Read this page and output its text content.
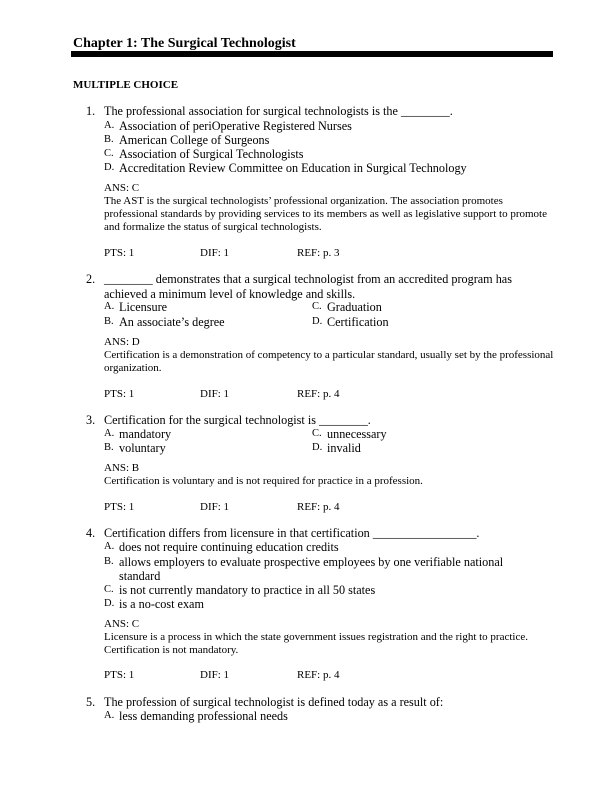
Chapter 1: The Surgical Technologist
MULTIPLE CHOICE
1. The professional association for surgical technologists is the ________.

A. Association of periOperative Registered Nurses
B. American College of Surgeons
C. Association of Surgical Technologists
D. Accreditation Review Committee on Education in Surgical Technology
ANS: C

The AST is the surgical technologists’ professional organization. The association promotes professional standards by providing services to its members as well as legislative support to promote and formalize the status of surgical technologists.

PTS: 1	DIF: 1	REF: p. 3
2. ________ demonstrates that a surgical technologist from an accredited program has achieved a minimum level of knowledge and skills.

A. Licensure	C. Graduation
B. An associate’s degree	D. Certification
ANS: D

Certification is a demonstration of competency to a particular standard, usually set by the professional organization.

PTS: 1	DIF: 1	REF: p. 4
3. Certification for the surgical technologist is ________.

A. mandatory	C. unnecessary
B. voluntary	D. invalid
ANS: B

Certification is voluntary and is not required for practice in a profession.

PTS: 1	DIF: 1	REF: p. 4
4. Certification differs from licensure in that certification _________________.

A. does not require continuing education credits
B. allows employers to evaluate prospective employees by one verifiable national standard
C. is not currently mandatory to practice in all 50 states
D. is a no-cost exam
ANS: C

Licensure is a process in which the state government issues registration and the right to practice. Certification is not mandatory.

PTS: 1	DIF: 1	REF: p. 4
5. The profession of surgical technologist is defined today as a result of:

A. less demanding professional needs
